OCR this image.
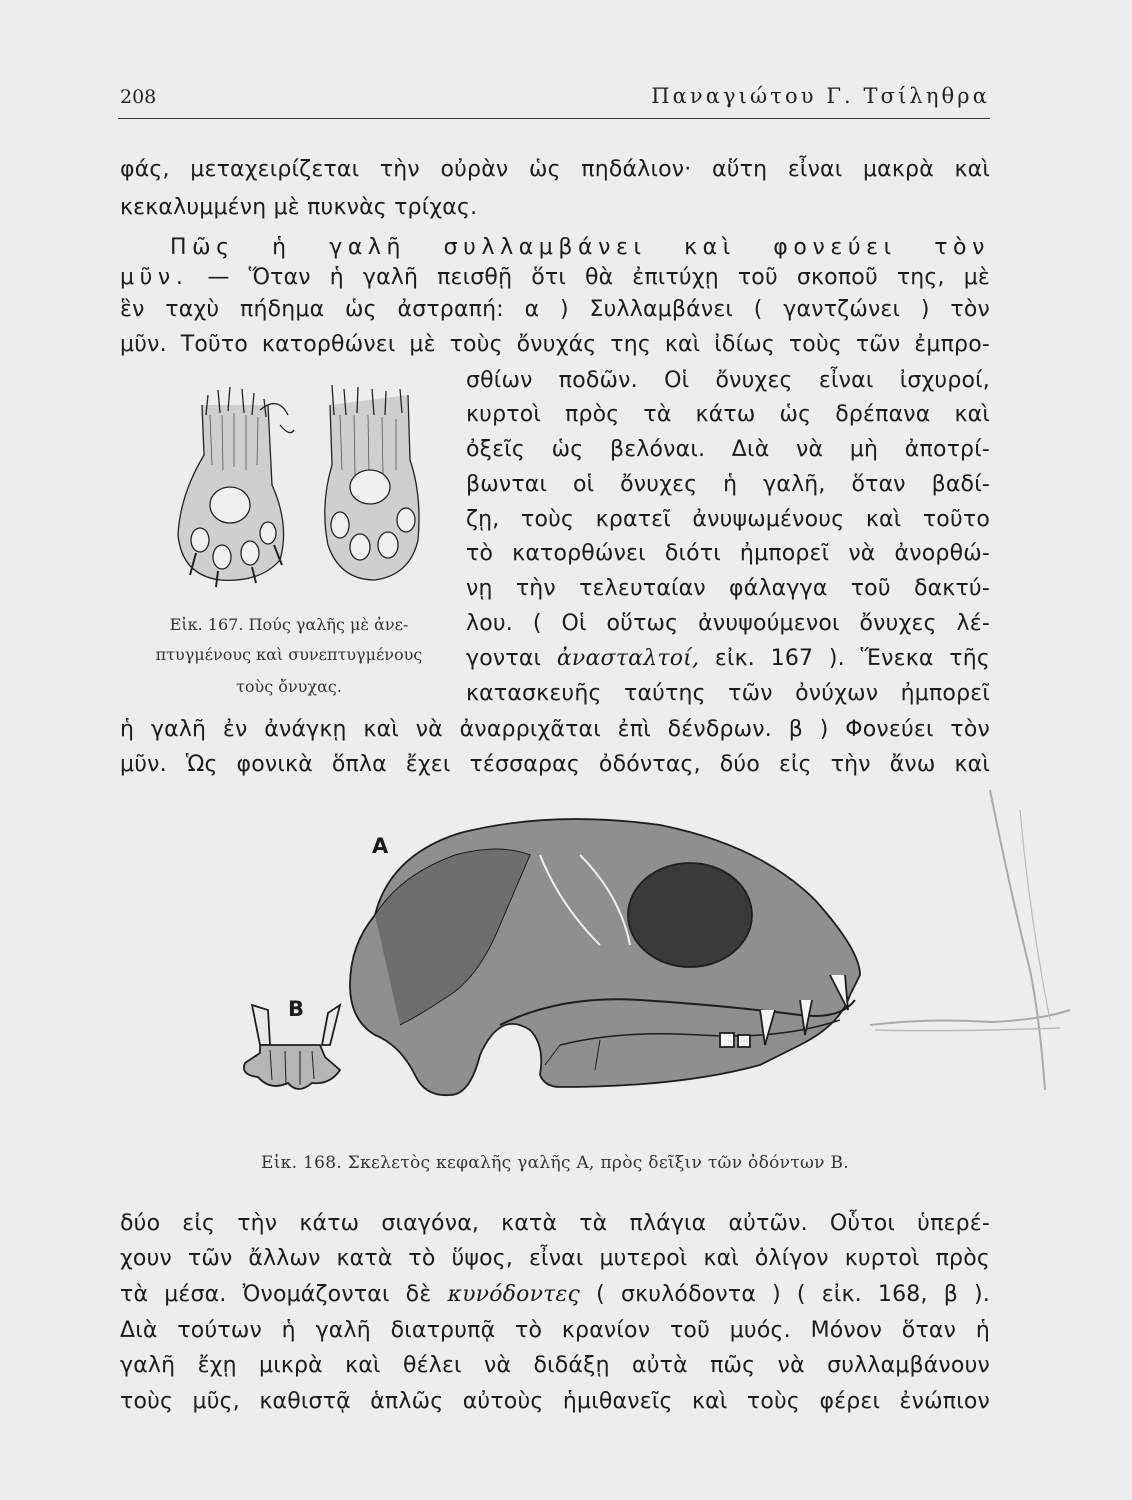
208	Παναγιώτου Γ. Τσίληθρα
φάς, μεταχειρίζεται τὴν οὐρὰν ὡς πηδάλιον· αὕτη εἶναι μακρὰ καὶ
κεκαλυμμένη μὲ πυκνὰς τρίχας.
Πῶς ἡ γαλῆ συλλαμβάνει καὶ φονεύει τὸν
μῦν. — Ὅταν ἡ γαλῆ πεισθῇ ὅτι θὰ ἐπιτύχῃ τοῦ σκοποῦ της, μὲ
ἓν ταχὺ πήδημα ὡς ἀστραπή: α ) Συλλαμβάνει ( γαντζώνει ) τὸν
μῦν. Τοῦτο κατορθώνει μὲ τοὺς ὄνυχάς της καὶ ἰδίως τοὺς τῶν ἐμπρο-
σθίων ποδῶν. Οἱ ὄνυχες εἶναι ἰσχυροί,
κυρτοὶ πρὸς τὰ κάτω ὡς δρέπανα καὶ
ὀξεῖς ὡς βελόναι. Διὰ νὰ μὴ ἀποτρί-
βωνται οἱ ὄνυχες ἡ γαλῆ, ὅταν βαδί-
ζῃ, τοὺς κρατεῖ ἀνυψωμένους καὶ τοῦτο
τὸ κατορθώνει διότι ἠμπορεῖ νὰ ἀνορθώ-
νῃ τὴν τελευταίαν φάλαγγα τοῦ δακτύ-
λου. ( Οἱ οὕτως ἀνυψούμενοι ὄνυχες λέ-
γονται ἀνασταλτοί, εἰκ. 167 ). Ἕνεκα τῆς
κατασκευῆς ταύτης τῶν ὀνύχων ἠμπορεῖ
Εἰκ. 167. Πούς γαλῆς μὲ ἀνε-
πτυγμένους καὶ συνεπτυγμένους
τοὺς ὄνυχας.
ἡ γαλῆ ἐν ἀνάγκῃ καὶ νὰ ἀναρριχᾶται ἐπὶ δένδρων. β ) Φονεύει τὸν
μῦν. Ὡς φονικὰ ὅπλα ἔχει τέσσαρας ὀδόντας, δύο εἰς τὴν ἄνω καὶ
A
B
Εἰκ. 168. Σκελετὸς κεφαλῆς γαλῆς Α, πρὸς δεῖξιν τῶν ὀδόντων Β.
δύο εἰς τὴν κάτω σιαγόνα, κατὰ τὰ πλάγια αὐτῶν. Οὗτοι ὑπερέ-
χουν τῶν ἄλλων κατὰ τὸ ὕψος, εἶναι μυτεροὶ καὶ ὀλίγον κυρτοὶ πρὸς
τὰ μέσα. Ὀνομάζονται δὲ κυνόδοντες ( σκυλόδοντα ) ( εἰκ. 168, β ).
Διὰ τούτων ἡ γαλῆ διατρυπᾷ τὸ κρανίον τοῦ μυός. Μόνον ὅταν ἡ
γαλῆ ἔχῃ μικρὰ καὶ θέλει νὰ διδάξῃ αὐτὰ πῶς νὰ συλλαμβάνουν
τοὺς μῦς, καθιστᾷ ἁπλῶς αὐτοὺς ἡμιθανεῖς καὶ τοὺς φέρει ἐνώπιον
